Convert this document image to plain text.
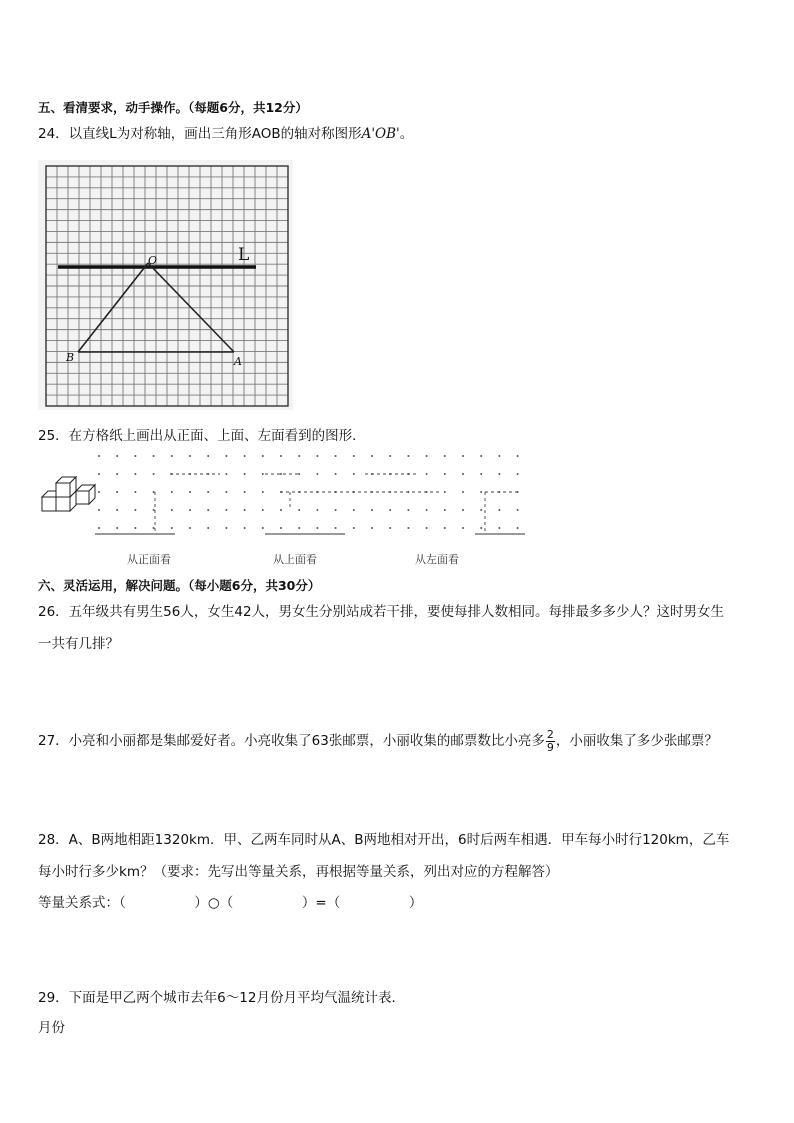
五、看清要求，动手操作。（每题6分，共12分）
24．以直线L为对称轴，画出三角形AOB的轴对称图形A'OB'。
L
O
A
B
25．在方格纸上画出从正面、上面、左面看到的图形．
从正面看	从上面看	从左面看
六、灵活运用，解决问题。（每小题6分，共30分）
26．五年级共有男生56人，女生42人，男女生分别站成若干排，要使每排人数相同。每排最多多少人？这时男女生
一共有几排？
27．小亮和小丽都是集邮爱好者。小亮收集了63张邮票，小丽收集的邮票数比小亮多 $\frac{2}{9}$ ，小丽收集了多少张邮票？
28．A、B两地相距1320km．甲、乙两车同时从A、B两地相对开出，6时后两车相遇．甲车每小时行120km，乙车
每小时行多少km？（要求：先写出等量关系，再根据等量关系，列出对应的方程解答）
等量关系式：（                ）○（                ）=（                ）
29．下面是甲乙两个城市去年6～12月份月平均气温统计表．
月份
